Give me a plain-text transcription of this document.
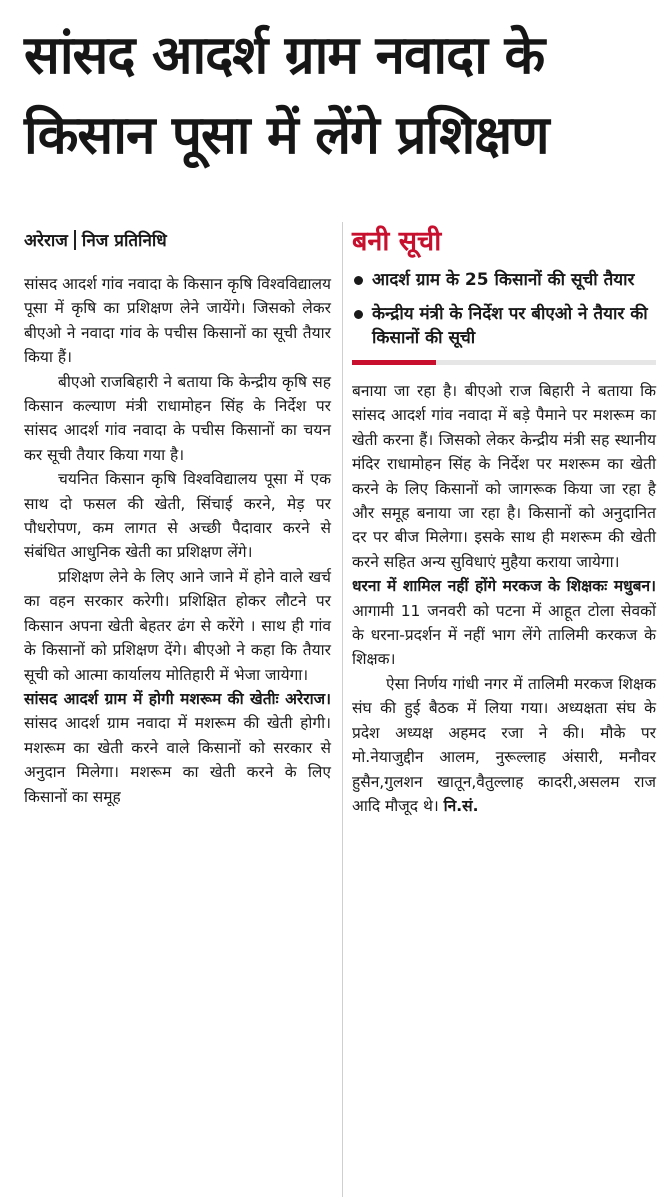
सांसद आदर्श ग्राम नवादा के
किसान पूसा में लेंगे प्रशिक्षण
अरेराज निज प्रतिनिधि

सांसद आदर्श गांव नवादा के किसान कृषि विश्वविद्यालय पूसा में कृषि का प्रशिक्षण लेने जायेंगे। जिसको लेकर बीएओ ने नवादा गांव के पचीस किसानों का सूची तैयार किया हैं।

बीएओ राजबिहारी ने बताया कि केन्द्रीय कृषि सह किसान कल्याण मंत्री राधामोहन सिंह के निर्देश पर सांसद आदर्श गांव नवादा के पचीस किसानों का चयन कर सूची तैयार किया गया है।

चयनित किसान कृषि विश्वविद्यालय पूसा में एक साथ दो फसल की खेती, सिंचाई करने, मेड़ पर पौधरोपण, कम लागत से अच्छी पैदावार करने से संबंधित आधुनिक खेती का प्रशिक्षण लेंगे।

प्रशिक्षण लेने के लिए आने जाने में होने वाले खर्च का वहन सरकार करेगी। प्रशिक्षित होकर लौटने पर किसान अपना खेती बेहतर ढंग से करेंगे । साथ ही गांव के किसानों को प्रशिक्षण देंगे। बीएओ ने कहा कि तैयार सूची को आत्मा कार्यालय मोतिहारी में भेजा जायेगा।

सांसद आदर्श ग्राम में होगी मशरूम की खेतीः अरेराज। सांसद आदर्श ग्राम नवादा में मशरूम की खेती होगी। मशरूम का खेती करने वाले किसानों को सरकार से अनुदान मिलेगा। मशरूम का खेती करने के लिए किसानों का समूह

बनी सूची
आदर्श ग्राम के 25 किसानों की सूची तैयार
केन्द्रीय मंत्री के निर्देश पर बीएओ ने तैयार की किसानों की सूची

बनाया जा रहा है। बीएओ राज बिहारी ने बताया कि सांसद आदर्श गांव नवादा में बड़े पैमाने पर मशरूम का खेती करना हैं। जिसको लेकर केन्द्रीय मंत्री सह स्थानीय मंदिर राधामोहन सिंह के निर्देश पर मशरूम का खेती करने के लिए किसानों को जागरूक किया जा रहा है और समूह बनाया जा रहा है। किसानों को अनुदानित दर पर बीज मिलेगा। इसके साथ ही मशरूम की खेती करने सहित अन्य सुविधाएं मुहैया कराया जायेगा।

धरना में शामिल नहीं होंगे मरकज के शिक्षकः मधुबन। आगामी 11 जनवरी को पटना में आहूत टोला सेवकों के धरना-प्रदर्शन में नहीं भाग लेंगे तालिमी करकज के शिक्षक।

ऐसा निर्णय गांधी नगर में तालिमी मरकज शिक्षक संघ की हुई बैठक में लिया गया। अध्यक्षता संघ के प्रदेश अध्यक्ष अहमद रजा ने की। मौके पर मो.नेयाजुद्दीन आलम, नुरूल्लाह अंसारी, मनौवर हुसैन,गुलशन खातून,वैतुल्लाह कादरी,असलम राज आदि मौजूद थे। नि.सं.
